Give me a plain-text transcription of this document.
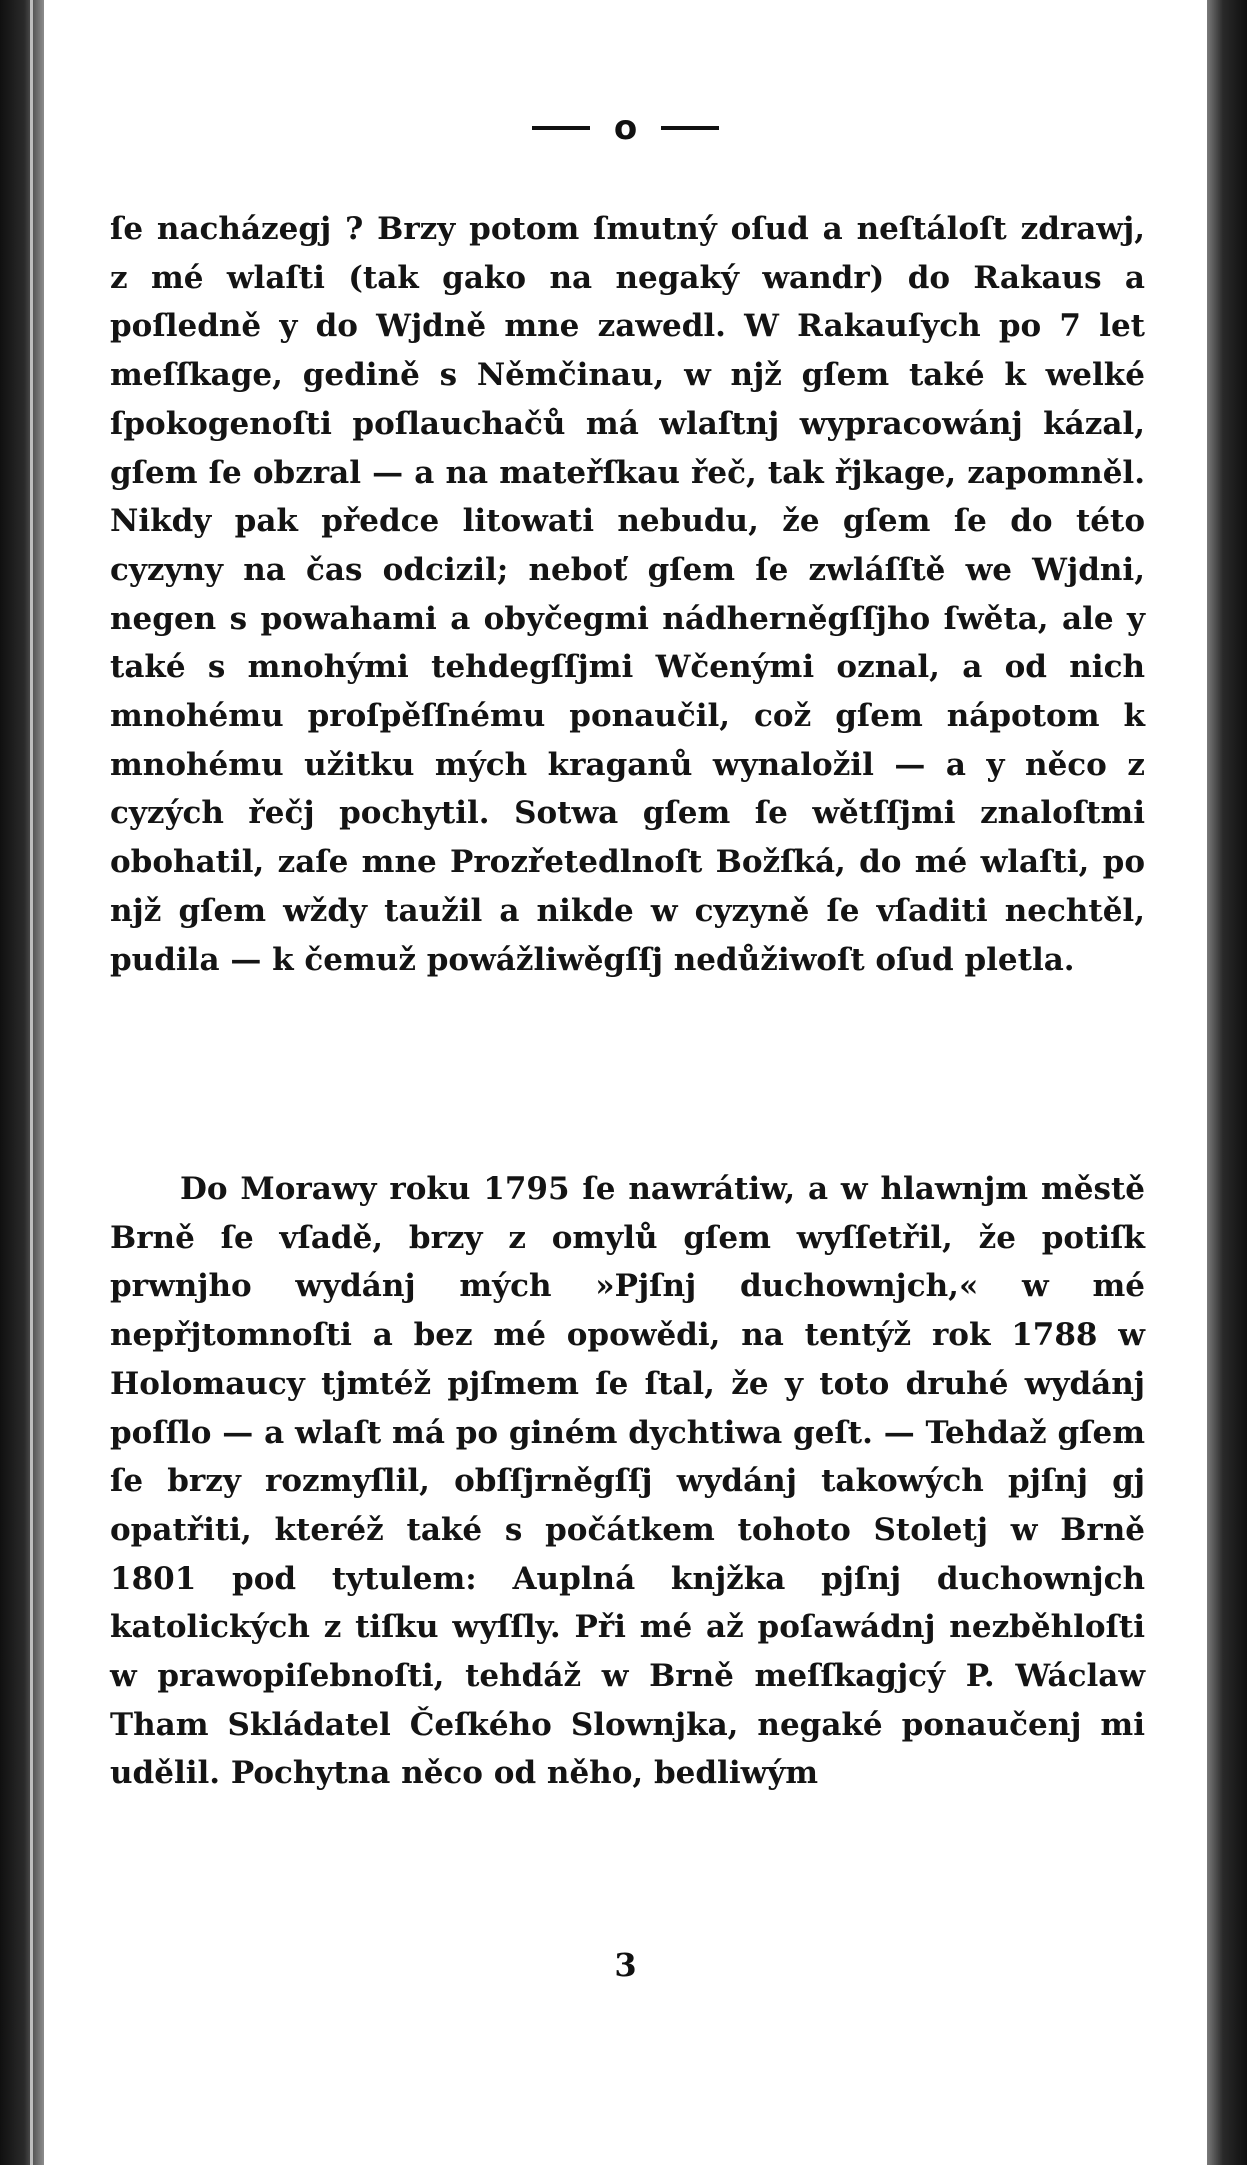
o

ſe nacházegj ? Brzy potom ſmutný oſud a neſtáloſt zdrawj, z mé wlaſti (tak gako na negaký wandr) do Rakaus a poſledně y do Wjdně mne zawedl. W Rakauſych po 7 let meſſkage, gedině s Němčinau, w njž gſem také k welké ſpokogenoſti poſlauchačů má wlaſtnj wypracowánj kázal, gſem ſe obzral — a na mateřſkau řeč, tak řjkage, zapomněl. Nikdy pak předce litowati nebudu, že gſem ſe do této cyzyny na čas odcizil; neboť gſem ſe zwláſſtě we Wjdni, negen s powahami a obyčegmi nádherněgſſjho ſwěta, ale y také s mnohými tehdegſſjmi Wčenými oznal, a od nich mnohému proſpěſſnému ponaučil, což gſem nápotom k mnohému užitku mých kraganů wynaložil — a y něco z cyzých řečj pochytil. Sotwa gſem ſe wětſſjmi znaloſtmi obohatil, zaſe mne Prozřetedlnoſt Božſká, do mé wlaſti, po njž gſem wždy taužil a nikde w cyzyně ſe vſaditi nechtěl, pudila — k čemuž powážliwěgſſj nedůžiwoſt oſud pletla.

Do Morawy roku 1795 ſe nawrátiw, a w hlawnjm městě Brně ſe vſadě, brzy z omylů gſem wyſſetřil, že potiſk prwnjho wydánj mých »Pjſnj duchownjch,« w mé nepřjtomnoſti a bez mé opowědi, na tentýž rok 1788 w Holomaucy tjmtéž pjſmem ſe ſtal, že y toto druhé wydánj poſſlo — a wlaſt má po giném dychtiwa geſt. — Tehdaž gſem ſe brzy rozmyſlil, obſſjrněgſſj wydánj takowých pjſnj gj opatřiti, kteréž také s počátkem tohoto Stoletj w Brně 1801 pod tytulem: Auplná knjžka pjſnj duchownjch katolických z tiſku wyſſly. Při mé až poſawádnj nezběhloſti w prawopiſebnoſti, tehdáž w Brně meſſkagjcý P. Wáclaw Tham Skládatel Čeſkého Slownjka, negaké ponaučenj mi udělil. Pochytna něco od něho, bedliwým

3
